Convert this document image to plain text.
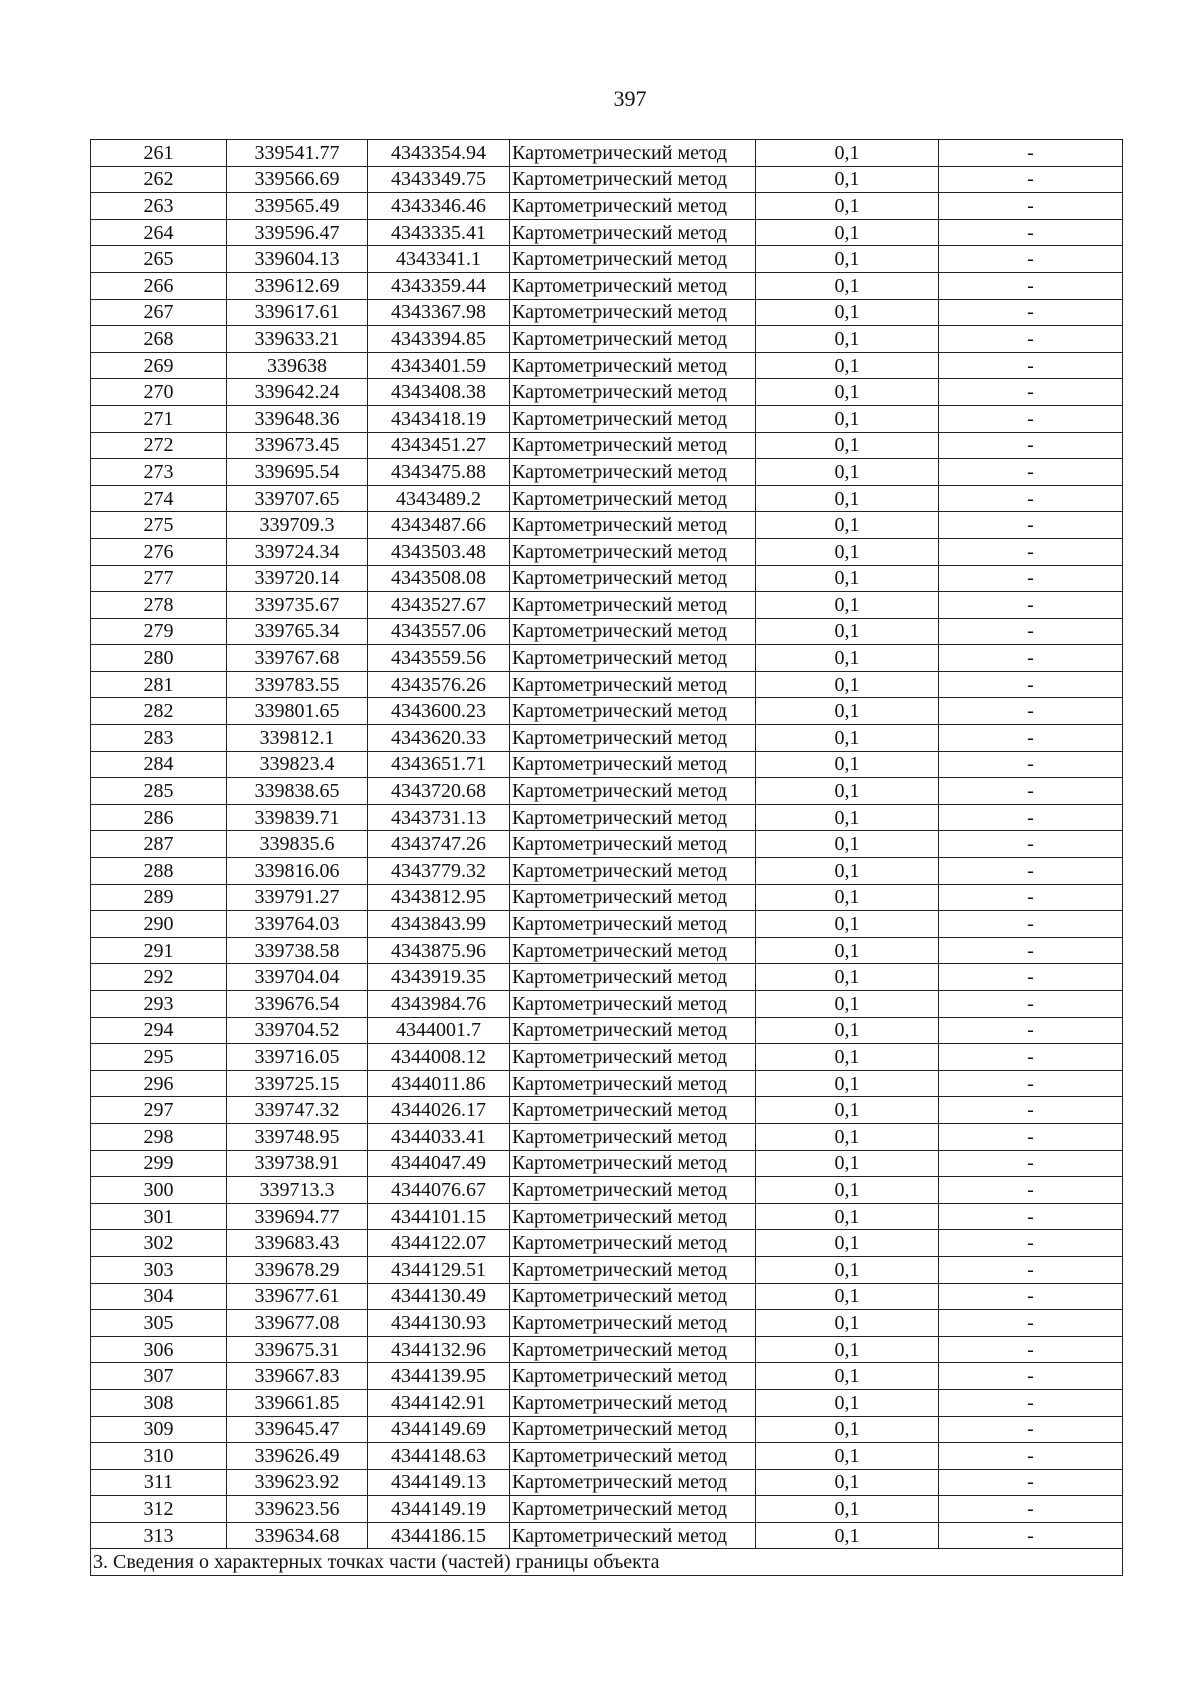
397
261	339541.77	4343354.94	Картометрический метод	0,1	-
262	339566.69	4343349.75	Картометрический метод	0,1	-
263	339565.49	4343346.46	Картометрический метод	0,1	-
264	339596.47	4343335.41	Картометрический метод	0,1	-
265	339604.13	4343341.1	Картометрический метод	0,1	-
266	339612.69	4343359.44	Картометрический метод	0,1	-
267	339617.61	4343367.98	Картометрический метод	0,1	-
268	339633.21	4343394.85	Картометрический метод	0,1	-
269	339638	4343401.59	Картометрический метод	0,1	-
270	339642.24	4343408.38	Картометрический метод	0,1	-
271	339648.36	4343418.19	Картометрический метод	0,1	-
272	339673.45	4343451.27	Картометрический метод	0,1	-
273	339695.54	4343475.88	Картометрический метод	0,1	-
274	339707.65	4343489.2	Картометрический метод	0,1	-
275	339709.3	4343487.66	Картометрический метод	0,1	-
276	339724.34	4343503.48	Картометрический метод	0,1	-
277	339720.14	4343508.08	Картометрический метод	0,1	-
278	339735.67	4343527.67	Картометрический метод	0,1	-
279	339765.34	4343557.06	Картометрический метод	0,1	-
280	339767.68	4343559.56	Картометрический метод	0,1	-
281	339783.55	4343576.26	Картометрический метод	0,1	-
282	339801.65	4343600.23	Картометрический метод	0,1	-
283	339812.1	4343620.33	Картометрический метод	0,1	-
284	339823.4	4343651.71	Картометрический метод	0,1	-
285	339838.65	4343720.68	Картометрический метод	0,1	-
286	339839.71	4343731.13	Картометрический метод	0,1	-
287	339835.6	4343747.26	Картометрический метод	0,1	-
288	339816.06	4343779.32	Картометрический метод	0,1	-
289	339791.27	4343812.95	Картометрический метод	0,1	-
290	339764.03	4343843.99	Картометрический метод	0,1	-
291	339738.58	4343875.96	Картометрический метод	0,1	-
292	339704.04	4343919.35	Картометрический метод	0,1	-
293	339676.54	4343984.76	Картометрический метод	0,1	-
294	339704.52	4344001.7	Картометрический метод	0,1	-
295	339716.05	4344008.12	Картометрический метод	0,1	-
296	339725.15	4344011.86	Картометрический метод	0,1	-
297	339747.32	4344026.17	Картометрический метод	0,1	-
298	339748.95	4344033.41	Картометрический метод	0,1	-
299	339738.91	4344047.49	Картометрический метод	0,1	-
300	339713.3	4344076.67	Картометрический метод	0,1	-
301	339694.77	4344101.15	Картометрический метод	0,1	-
302	339683.43	4344122.07	Картометрический метод	0,1	-
303	339678.29	4344129.51	Картометрический метод	0,1	-
304	339677.61	4344130.49	Картометрический метод	0,1	-
305	339677.08	4344130.93	Картометрический метод	0,1	-
306	339675.31	4344132.96	Картометрический метод	0,1	-
307	339667.83	4344139.95	Картометрический метод	0,1	-
308	339661.85	4344142.91	Картометрический метод	0,1	-
309	339645.47	4344149.69	Картометрический метод	0,1	-
310	339626.49	4344148.63	Картометрический метод	0,1	-
311	339623.92	4344149.13	Картометрический метод	0,1	-
312	339623.56	4344149.19	Картометрический метод	0,1	-
313	339634.68	4344186.15	Картометрический метод	0,1	-
3. Сведения о характерных точках части (частей) границы объекта					
